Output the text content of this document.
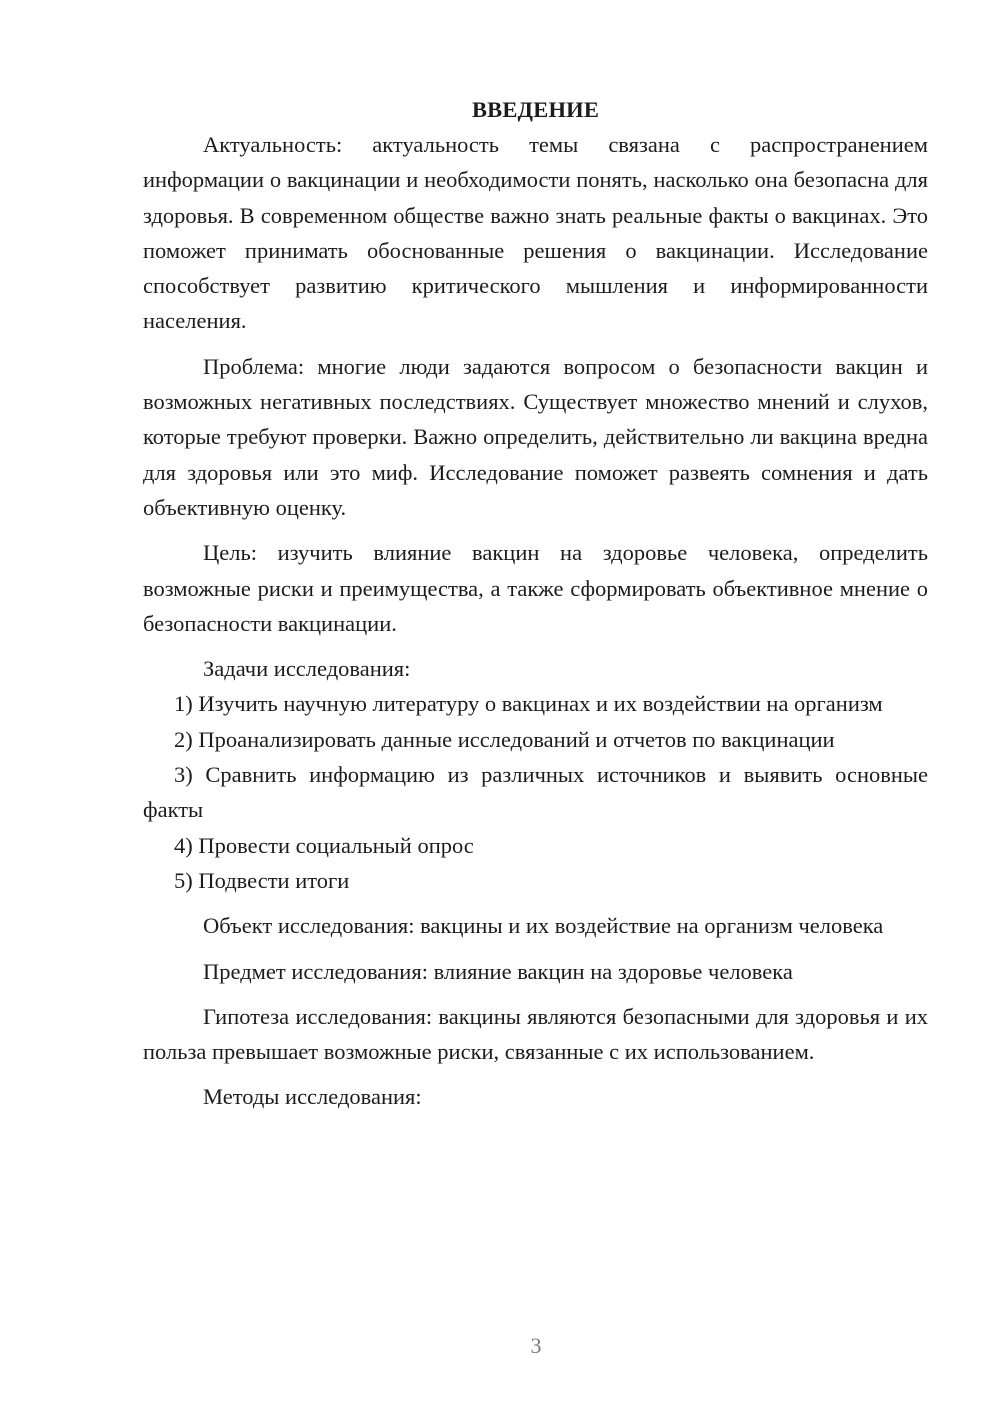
ВВЕДЕНИЕ

Актуальность: актуальность темы связана с распространением информации о вакцинации и необходимости понять, насколько она безопасна для здоровья. В современном обществе важно знать реальные факты о вакцинах. Это поможет принимать обоснованные решения о вакцинации. Исследование способствует развитию критического мышления и информированности населения.

Проблема: многие люди задаются вопросом о безопасности вакцин и возможных негативных последствиях. Существует множество мнений и слухов, которые требуют проверки. Важно определить, действительно ли вакцина вредна для здоровья или это миф. Исследование поможет развеять сомнения и дать объективную оценку.

Цель: изучить влияние вакцин на здоровье человека, определить возможные риски и преимущества, а также сформировать объективное мнение о безопасности вакцинации.

Задачи исследования:

1) Изучить научную литературу о вакцинах и их воздействии на организм

2) Проанализировать данные исследований и отчетов по вакцинации

3) Сравнить информацию из различных источников и выявить основные факты

4) Провести социальный опрос

5) Подвести итоги

Объект исследования: вакцины и их воздействие на организм человека

Предмет исследования: влияние вакцин на здоровье человека

Гипотеза исследования: вакцины являются безопасными для здоровья и их польза превышает возможные риски, связанные с их использованием.

Методы исследования:

3
